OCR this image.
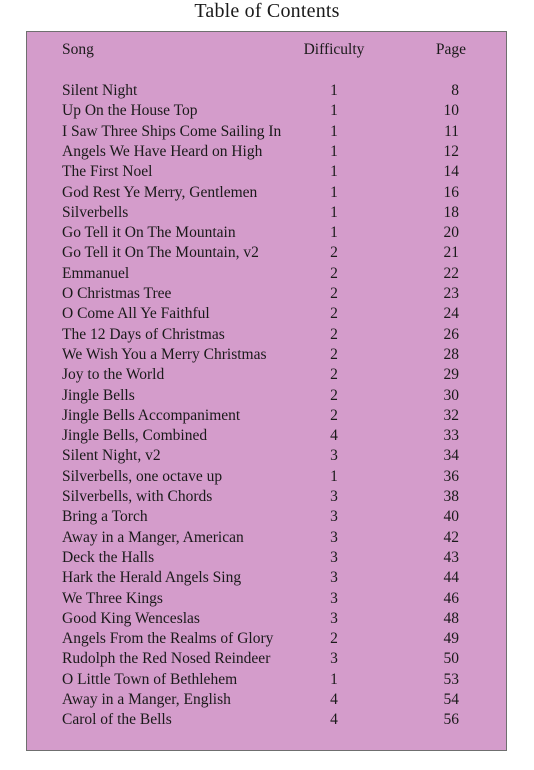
Table of Contents
Song	Difficulty	Page
Silent Night	1	8
Up On the House Top	1	10
I Saw Three Ships Come Sailing In	1	11
Angels We Have Heard on High	1	12
The First Noel	1	14
God Rest Ye Merry, Gentlemen	1	16
Silverbells	1	18
Go Tell it On The Mountain	1	20
Go Tell it On The Mountain, v2	2	21
Emmanuel	2	22
O Christmas Tree	2	23
O Come All Ye Faithful	2	24
The 12 Days of Christmas	2	26
We Wish You a Merry Christmas	2	28
Joy to the World	2	29
Jingle Bells	2	30
Jingle Bells Accompaniment	2	32
Jingle Bells, Combined	4	33
Silent Night, v2	3	34
Silverbells, one octave up	1	36
Silverbells, with Chords	3	38
Bring a Torch	3	40
Away in a Manger, American	3	42
Deck the Halls	3	43
Hark the Herald Angels Sing	3	44
We Three Kings	3	46
Good King Wenceslas	3	48
Angels From the Realms of Glory	2	49
Rudolph the Red Nosed Reindeer	3	50
O Little Town of Bethlehem	1	53
Away in a Manger, English	4	54
Carol of the Bells	4	56
